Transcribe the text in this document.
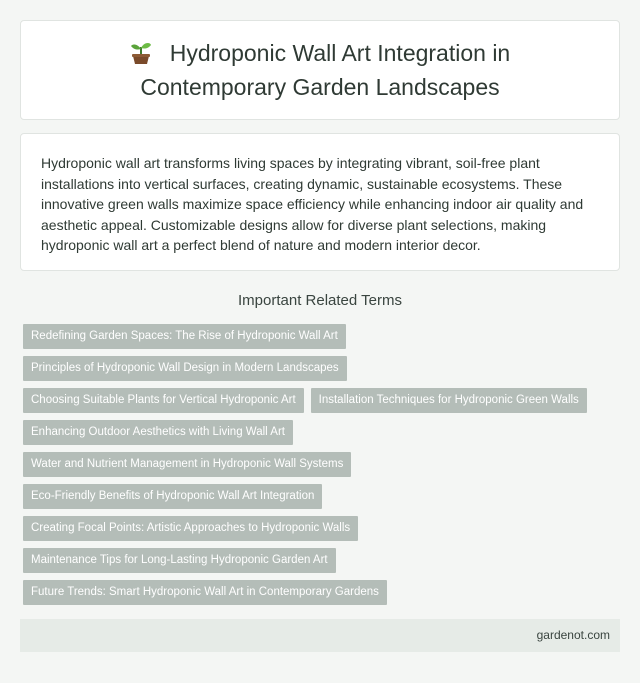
Hydroponic Wall Art Integration in
Contemporary Garden Landscapes

Hydroponic wall art transforms living spaces by integrating vibrant, soil-free plant installations into vertical surfaces, creating dynamic, sustainable ecosystems. These innovative green walls maximize space efficiency while enhancing indoor air quality and aesthetic appeal. Customizable designs allow for diverse plant selections, making hydroponic wall art a perfect blend of nature and modern interior decor.

Important Related Terms
Redefining Garden Spaces: The Rise of Hydroponic Wall Art
Principles of Hydroponic Wall Design in Modern Landscapes
Choosing Suitable Plants for Vertical Hydroponic Art	Installation Techniques for Hydroponic Green Walls
Enhancing Outdoor Aesthetics with Living Wall Art
Water and Nutrient Management in Hydroponic Wall Systems
Eco-Friendly Benefits of Hydroponic Wall Art Integration
Creating Focal Points: Artistic Approaches to Hydroponic Walls
Maintenance Tips for Long-Lasting Hydroponic Garden Art
Future Trends: Smart Hydroponic Wall Art in Contemporary Gardens
gardenot.com
